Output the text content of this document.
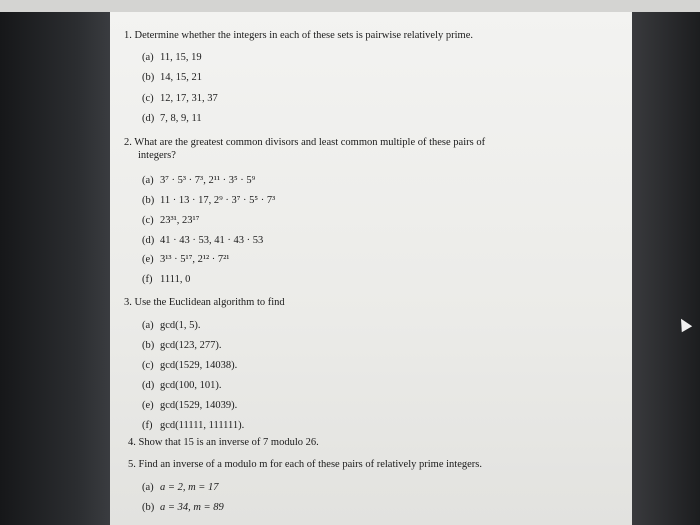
1. Determine whether the integers in each of these sets is pairwise relatively prime.
(a) 11, 15, 19
(b) 14, 15, 21
(c) 12, 17, 31, 37
(d) 7, 8, 9, 11
2. What are the greatest common divisors and least common multiple of these pairs of
integers?
(a) 3⁷ · 5³ · 7³, 2¹¹ · 3⁵ · 5⁹
(b) 11 · 13 · 17, 2⁹ · 3⁷ · 5⁵ · 7³
(c) 23³¹, 23¹⁷
(d) 41 · 43 · 53, 41 · 43 · 53
(e) 3¹³ · 5¹⁷, 2¹² · 7²¹
(f) 1111, 0
3. Use the Euclidean algorithm to find
(a) gcd(1, 5).
(b) gcd(123, 277).
(c) gcd(1529, 14038).
(d) gcd(100, 101).
(e) gcd(1529, 14039).
(f) gcd(11111, 111111).
4. Show that 15 is an inverse of 7 modulo 26.
5. Find an inverse of a modulo m for each of these pairs of relatively prime integers.
(a) a = 2, m = 17
(b) a = 34, m = 89
